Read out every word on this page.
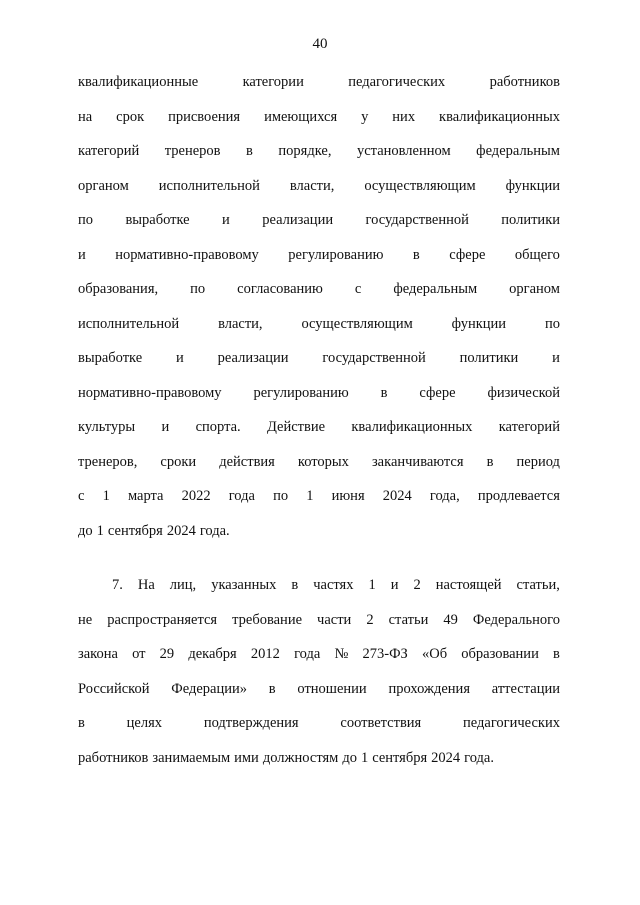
40
квалификационные	категории	педагогических	работников
на срок присвоения имеющихся у них квалификационных
категорий тренеров в порядке, установленном федеральным
органом исполнительной власти, осуществляющим функции
по выработке и реализации государственной политики
и нормативно-правовому регулированию в сфере общего
образования, по согласованию с федеральным органом
исполнительной	власти,	осуществляющим	функции	по
выработке и реализации государственной политики и
нормативно-правовому регулированию в сфере физической
культуры и спорта. Действие квалификационных категорий
тренеров, сроки действия которых заканчиваются в период
с 1 марта 2022 года по 1 июня 2024 года, продлевается
до 1 сентября 2024 года.
7. На лиц, указанных в частях 1 и 2 настоящей статьи,
не распространяется требование части 2 статьи 49 Федерального
закона от 29 декабря 2012 года № 273-ФЗ «Об образовании в
Российской Федерации» в отношении прохождения аттестации
в	целях	подтверждения	соответствия	педагогических
работников занимаемым ими должностям до 1 сентября 2024 года.
